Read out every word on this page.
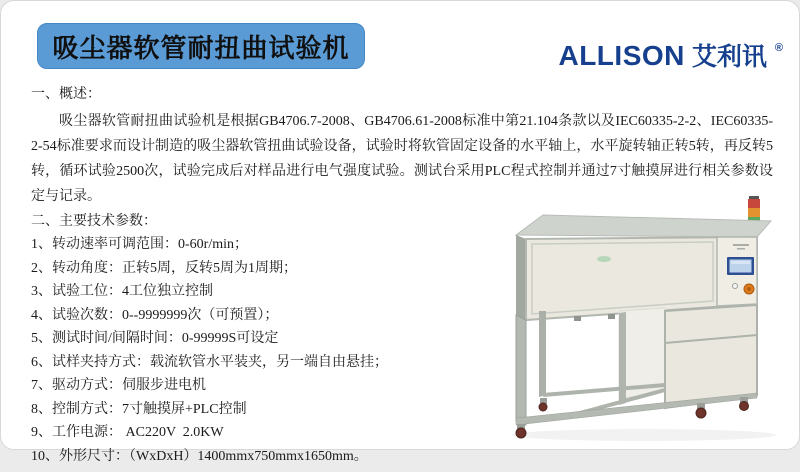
吸尘器软管耐扭曲试验机	ALLISON 艾利讯 ®
一、概述：
吸尘器软管耐扭曲试验机是根据GB4706.7-2008、GB4706.61-2008标准中第21.104条款以及IEC60335-2-2、IEC60335-2-54标准要求而设计制造的吸尘器软管扭曲试验设备，试验时将软管固定设备的水平轴上，水平旋转轴正转5转，再反转5转，循环试验2500次，试验完成后对样品进行电气强度试验。测试台采用PLC程式控制并通过7寸触摸屏进行相关参数设定与记录。
二、主要技术参数：
1、转动速率可调范围：0-60r/min；
2、转动角度：正转5周，反转5周为1周期；
3、试验工位：4工位独立控制
4、试验次数：0--9999999次（可预置）；
5、测试时间/间隔时间：0-99999S可设定
6、试样夹持方式：载流软管水平装夹，另一端自由悬挂；
7、驱动方式：伺服步进电机
8、控制方式：7寸触摸屏+PLC控制
9、工作电源： AC220V  2.0KW
10、外形尺寸：（WxDxH）1400mmx750mmx1650mm。
